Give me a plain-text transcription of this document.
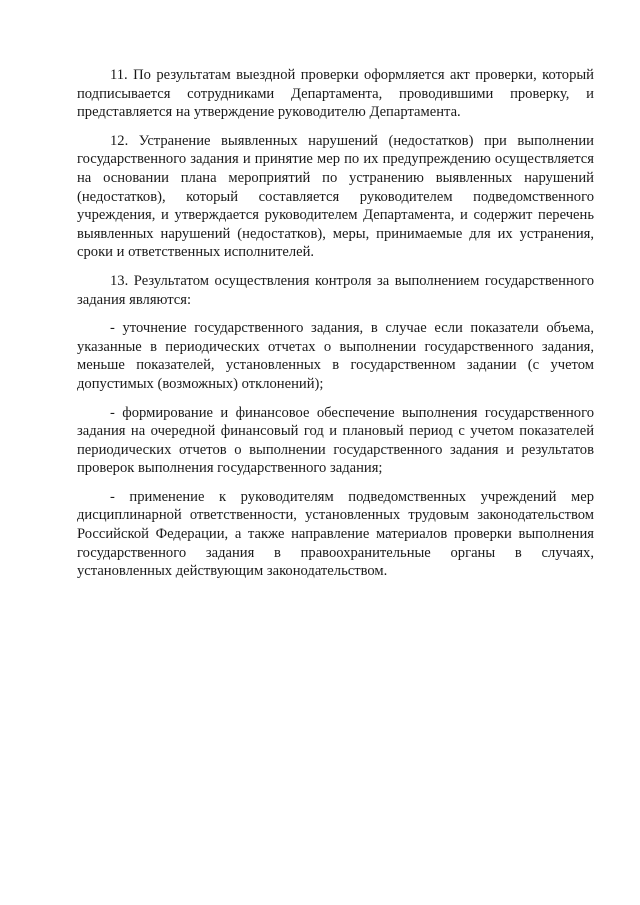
11. По результатам выездной проверки оформляется акт проверки, который подписывается сотрудниками Департамента, проводившими проверку, и представляется на утверждение руководителю Департамента.

12. Устранение выявленных нарушений (недостатков) при выполнении государственного задания и принятие мер по их предупреждению осуществляется на основании плана мероприятий по устранению выявленных нарушений (недостатков), который составляется руководителем подведомственного учреждения, и утверждается руководителем Департамента, и содержит перечень выявленных нарушений (недостатков), меры, принимаемые для их устранения, сроки и ответственных исполнителей.

13. Результатом осуществления контроля за выполнением государственного задания являются:

- уточнение государственного задания, в случае если показатели объема, указанные в периодических отчетах о выполнении государственного задания, меньше показателей, установленных в государственном задании (с учетом допустимых (возможных) отклонений);

- формирование и финансовое обеспечение выполнения государственного задания на очередной финансовый год и плановый период с учетом показателей периодических отчетов о выполнении государственного задания и результатов проверок выполнения государственного задания;

- применение к руководителям подведомственных учреждений мер дисциплинарной ответственности, установленных трудовым законодательством Российской Федерации, а также направление материалов проверки выполнения государственного задания в правоохранительные органы в случаях, установленных действующим законодательством.
